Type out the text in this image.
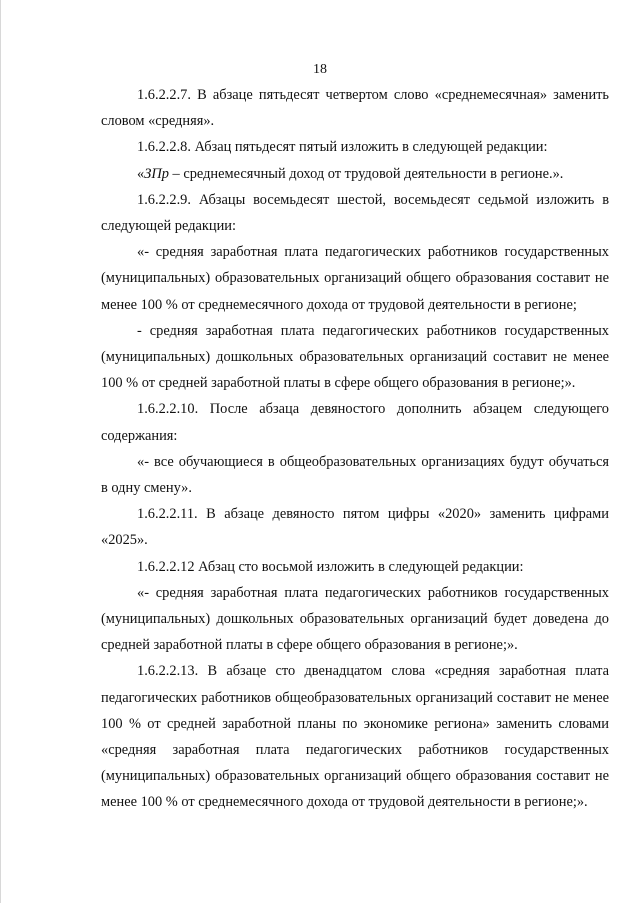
18

1.6.2.2.7. В абзаце пятьдесят четвертом слово «среднемесячная» заменить словом «средняя».

1.6.2.2.8. Абзац пятьдесят пятый изложить в следующей редакции:

«ЗПр – среднемесячный доход от трудовой деятельности в регионе.».

1.6.2.2.9. Абзацы восемьдесят шестой, восемьдесят седьмой изложить в следующей редакции:

«- средняя заработная плата педагогических работников государственных (муниципальных) образовательных организаций общего образования составит не менее 100 % от среднемесячного дохода от трудовой деятельности в регионе;

- средняя заработная плата педагогических работников государственных (муниципальных) дошкольных образовательных организаций составит не менее 100 % от средней заработной платы в сфере общего образования в регионе;».

1.6.2.2.10. После абзаца девяностого дополнить абзацем следующего содержания:

«- все обучающиеся в общеобразовательных организациях будут обучаться в одну смену».

1.6.2.2.11. В абзаце девяносто пятом цифры «2020» заменить цифрами «2025».

1.6.2.2.12 Абзац сто восьмой изложить в следующей редакции:

«- средняя заработная плата педагогических работников государственных (муниципальных) дошкольных образовательных организаций будет доведена до средней заработной платы в сфере общего образования в регионе;».

1.6.2.2.13. В абзаце сто двенадцатом слова «средняя заработная плата педагогических работников общеобразовательных организаций составит не менее 100 % от средней заработной планы по экономике региона» заменить словами «средняя заработная плата педагогических работников государственных (муниципальных) образовательных организаций общего образования составит не менее 100 % от среднемесячного дохода от трудовой деятельности в регионе;».
